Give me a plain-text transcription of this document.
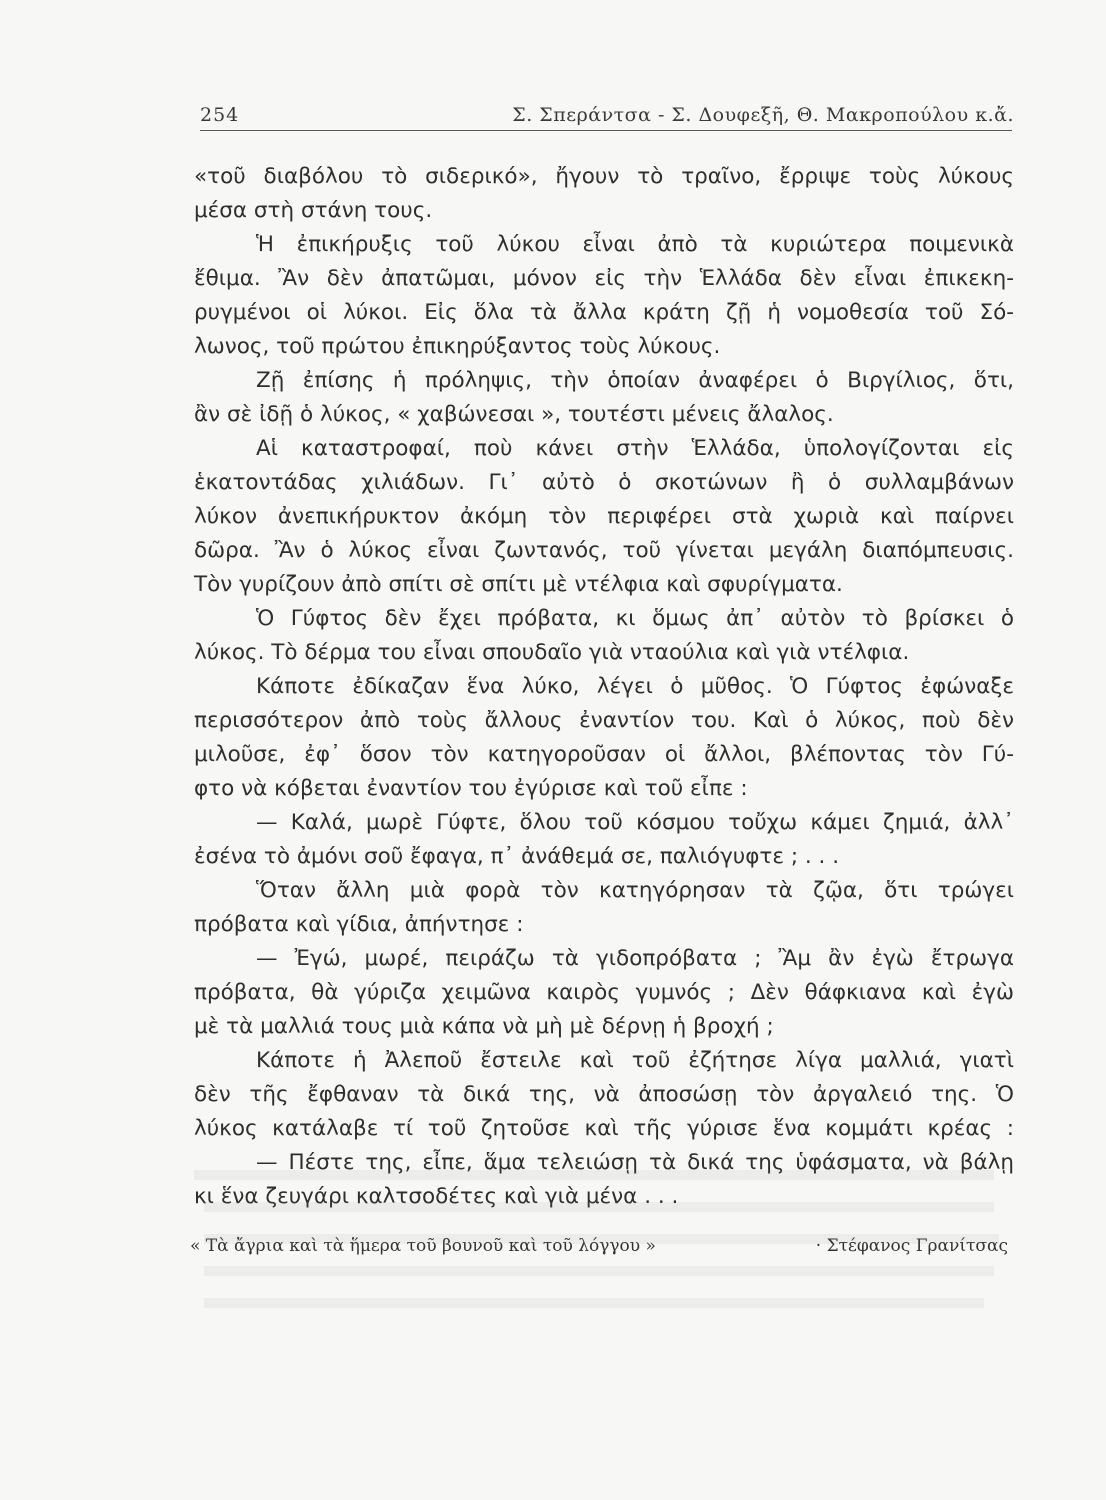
254	Σ. Σπεράντσα - Σ. Δουφεξῆ, Θ. Μακροπούλου κ.ἄ.
«τοῦ διαβόλου τὸ σιδερικό», ἤγουν τὸ τραῖνο, ἔρριψε τοὺς λύκους
μέσα στὴ στάνη τους.
Ἡ ἐπικήρυξις τοῦ λύκου εἶναι ἀπὸ τὰ κυριώτερα ποιμενικὰ
ἔθιμα. Ἂν δὲν ἀπατῶμαι, μόνον εἰς τὴν Ἑλλάδα δὲν εἶναι ἐπικεκη-
ρυγμένοι οἱ λύκοι. Εἰς ὅλα τὰ ἄλλα κράτη ζῇ ἡ νομοθεσία τοῦ Σό-
λωνος, τοῦ πρώτου ἐπικηρύξαντος τοὺς λύκους.
Ζῇ ἐπίσης ἡ πρόληψις, τὴν ὁποίαν ἀναφέρει ὁ Βιργίλιος, ὅτι,
ἂν σὲ ἰδῇ ὁ λύκος, « χαβώνεσαι », τουτέστι μένεις ἄλαλος.
Αἱ καταστροφαί, ποὺ κάνει στὴν Ἑλλάδα, ὑπολογίζονται εἰς
ἑκατοντάδας χιλιάδων. Γι᾽ αὐτὸ ὁ σκοτώνων ἢ ὁ συλλαμβάνων
λύκον ἀνεπικήρυκτον ἀκόμη τὸν περιφέρει στὰ χωριὰ καὶ παίρνει
δῶρα. Ἂν ὁ λύκος εἶναι ζωντανός, τοῦ γίνεται μεγάλη διαπόμπευσις.
Τὸν γυρίζουν ἀπὸ σπίτι σὲ σπίτι μὲ ντέλφια καὶ σφυρίγματα.
Ὁ Γύφτος δὲν ἔχει πρόβατα, κι ὅμως ἀπ᾽ αὐτὸν τὸ βρίσκει ὁ
λύκος. Τὸ δέρμα του εἶναι σπουδαῖο γιὰ νταούλια καὶ γιὰ ντέλφια.
Κάποτε ἐδίκαζαν ἕνα λύκο, λέγει ὁ μῦθος. Ὁ Γύφτος ἐφώναξε
περισσότερον ἀπὸ τοὺς ἄλλους ἐναντίον του. Καὶ ὁ λύκος, ποὺ δὲν
μιλοῦσε, ἐφ᾽ ὅσον τὸν κατηγοροῦσαν οἱ ἄλλοι, βλέποντας τὸν Γύ-
φτο νὰ κόβεται ἐναντίον του ἐγύρισε καὶ τοῦ εἶπε :
— Καλά, μωρὲ Γύφτε, ὅλου τοῦ κόσμου τοὔχω κάμει ζημιά, ἀλλ᾽
ἐσένα τὸ ἀμόνι σοῦ ἔφαγα, π᾽ ἀνάθεμά σε, παλιόγυφτε ; . . .
Ὅταν ἄλλη μιὰ φορὰ τὸν κατηγόρησαν τὰ ζῷα, ὅτι τρώγει
πρόβατα καὶ γίδια, ἀπήντησε :
— Ἐγώ, μωρέ, πειράζω τὰ γιδοπρόβατα ; Ἂμ ἂν ἐγὼ ἔτρωγα
πρόβατα, θὰ γύριζα χειμῶνα καιρὸς γυμνός ; Δὲν θάφκιανα καὶ ἐγὼ
μὲ τὰ μαλλιά τους μιὰ κάπα νὰ μὴ μὲ δέρνῃ ἡ βροχή ;
Κάποτε ἡ Ἀλεποῦ ἔστειλε καὶ τοῦ ἐζήτησε λίγα μαλλιά, γιατὶ
δὲν τῆς ἔφθαναν τὰ δικά της, νὰ ἀποσώσῃ τὸν ἀργαλειό της. Ὁ
λύκος κατάλαβε τί τοῦ ζητοῦσε καὶ τῆς γύρισε ἕνα κομμάτι κρέας :
— Πέστε της, εἶπε, ἅμα τελειώσῃ τὰ δικά της ὑφάσματα, νὰ βάλῃ
κι ἕνα ζευγάρι καλτσοδέτες καὶ γιὰ μένα . . .
« Τὰ ἄγρια καὶ τὰ ἥμερα τοῦ βουνοῦ καὶ τοῦ λόγγου »	· Στέφανος Γρανίτσας
